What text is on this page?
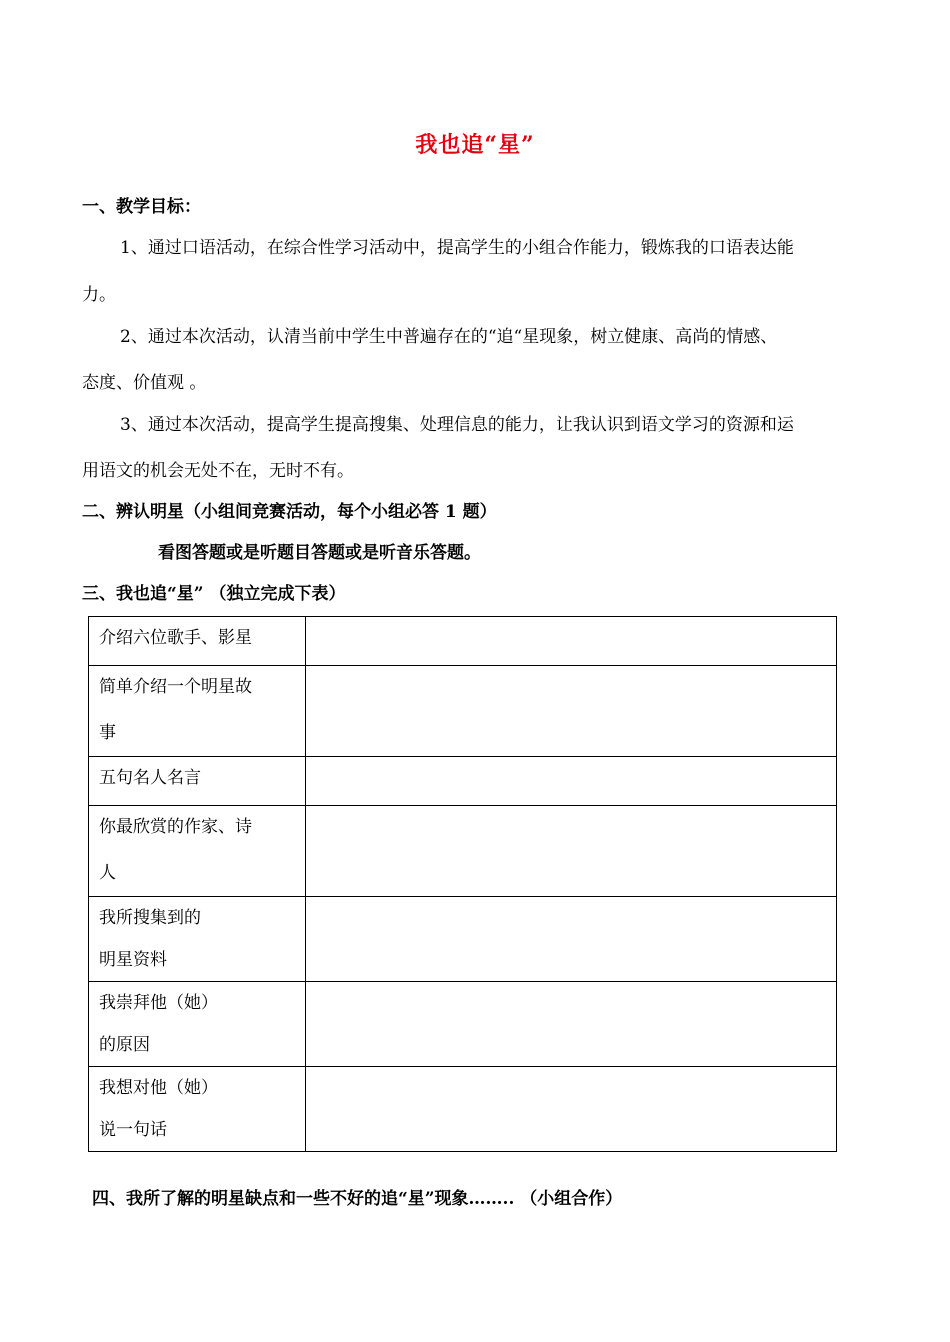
我也追“星”
一、教学目标：
1、通过口语活动，在综合性学习活动中，提高学生的小组合作能力，锻炼我的口语表达能
力。
2、通过本次活动，认清当前中学生中普遍存在的“追“星现象，树立健康、高尚的情感、
态度、价值观 。
3、通过本次活动，提高学生提高搜集、处理信息的能力，让我认识到语文学习的资源和运
用语文的机会无处不在，无时不有。
二、辨认明星（小组间竞赛活动，每个小组必答 1 题）
看图答题或是听题目答题或是听音乐答题。
三、我也追“星” （独立完成下表）
介绍六位歌手、影星	

简单介绍一个明星故
事	

五句名人名言	

你最欣赏的作家、诗
人	

我所搜集到的
明星资料	

我崇拜他（她）
的原因	

我想对他（她）
说一句话	

四、我所了解的明星缺点和一些不好的追“星”现象…….. （小组合作）
